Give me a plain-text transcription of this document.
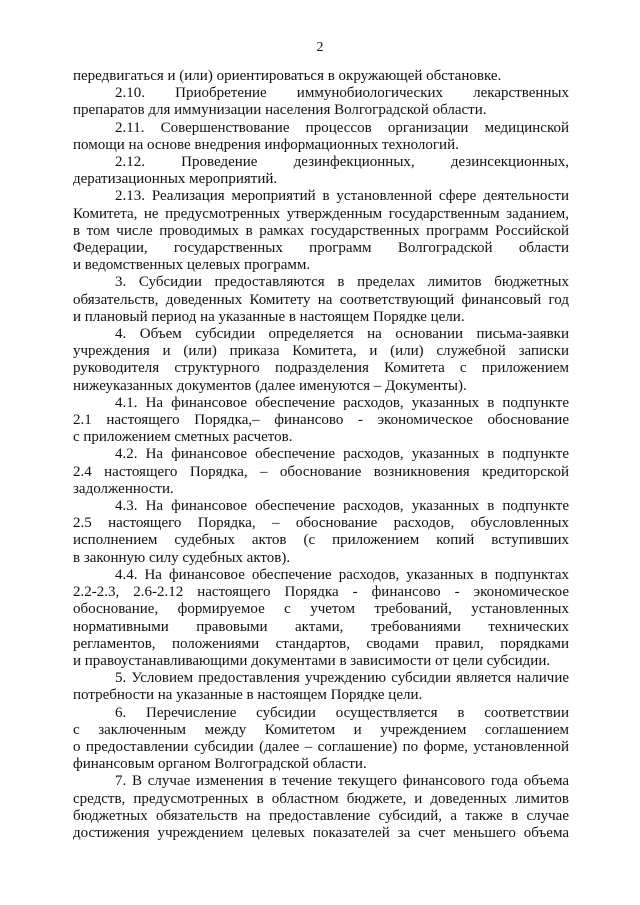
2
передвигаться и (или) ориентироваться в окружающей обстановке.
2.10. Приобретение иммунобиологических лекарственных
препаратов для иммунизации населения Волгоградской области.
2.11. Совершенствование процессов организации медицинской
помощи на основе внедрения информационных технологий.
2.12. Проведение дезинфекционных, дезинсекционных,
дератизационных мероприятий.
2.13. Реализация мероприятий в установленной сфере деятельности
Комитета, не предусмотренных утвержденным государственным заданием,
в том числе проводимых в рамках государственных программ Российской
Федерации, государственных программ Волгоградской области
и ведомственных целевых программ.
3. Субсидии предоставляются в пределах лимитов бюджетных
обязательств, доведенных Комитету на соответствующий финансовый год
и плановый период на указанные в настоящем Порядке цели.
4. Объем субсидии определяется на основании письма-заявки
учреждения и (или) приказа Комитета, и (или) служебной записки
руководителя структурного подразделения Комитета с приложением
нижеуказанных документов (далее именуются – Документы).
4.1. На финансовое обеспечение расходов, указанных в подпункте
2.1 настоящего Порядка,– финансово - экономическое обоснование
с приложением сметных расчетов.
4.2. На финансовое обеспечение расходов, указанных в подпункте
2.4 настоящего Порядка, – обоснование возникновения кредиторской
задолженности.
4.3. На финансовое обеспечение расходов, указанных в подпункте
2.5 настоящего Порядка, – обоснование расходов, обусловленных
исполнением судебных актов (с приложением копий вступивших
в законную силу судебных актов).
4.4. На финансовое обеспечение расходов, указанных в подпунктах
2.2-2.3, 2.6-2.12 настоящего Порядка - финансово - экономическое
обоснование, формируемое с учетом требований, установленных
нормативными правовыми актами, требованиями технических
регламентов, положениями стандартов, сводами правил, порядками
и правоустанавливающими документами в зависимости от цели субсидии.
5. Условием предоставления учреждению субсидии является наличие
потребности на указанные в настоящем Порядке цели.
6. Перечисление субсидии осуществляется в соответствии
с заключенным между Комитетом и учреждением соглашением
о предоставлении субсидии (далее – соглашение) по форме, установленной
финансовым органом Волгоградской области.
7. В случае изменения в течение текущего финансового года объема
средств, предусмотренных в областном бюджете, и доведенных лимитов
бюджетных обязательств на предоставление субсидий, а также в случае
достижения учреждением целевых показателей за счет меньшего объема
